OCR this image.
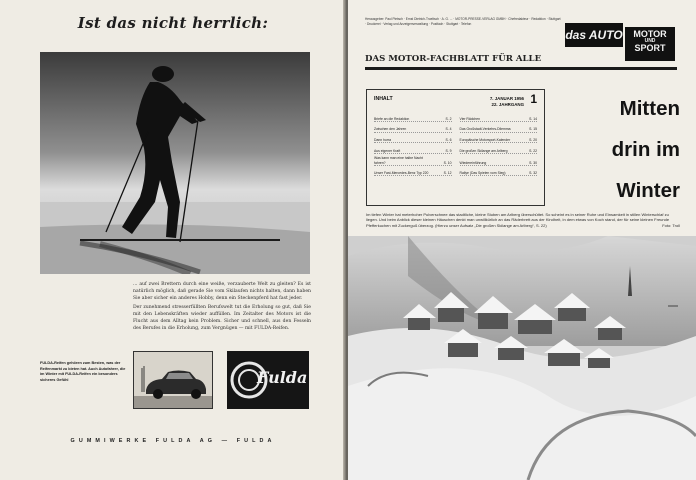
Ist das nicht herrlich:

... auf zwei Brettern durch eine weiße, verzauberte Welt zu gleiten? Es ist natürlich möglich, daß gerade Sie vom Skilaufen nichts halten, dann haben Sie aber sicher ein anderes Hobby, denn ein Steckenpferd hat fast jeder.

Der zunehmend stresserfüllten Berufswelt tut die Erholung so gut, daß Sie mit den Lebenskräften wieder auffüllen. Im Zeitalter des Motors ist die Flucht aus dem Alltag kein Problem. Sicher und schnell, aus den Fesseln des Berufes in die Erholung, zum Vergnügen — mit FULDA-Reifen.

FULDA-Reifen gehören zum Besten, was der Reifenmarkt zu bieten hat. Auch Autofahrer, die im Winter mit FULDA-Reifen ein besonders sicheres Gefühl	Fulda
GUMMIWERKE FULDA AG — FULDA
Herausgeber: Paul Pietsch · Ernst Dietrich-Troeltsch · A. G. ... · MOTOR-PRESSE-VERLAG GMBH · Chefredakteur · Redaktion · Stuttgart · Druckerei · Verlag und Anzeigenverwaltung · Postfach · Stuttgart · Telefon
das AUTO	MOTOR
UND
SPORT
DAS MOTOR-FACHBLATT FÜR ALLE
INHALT	7. JANUAR 1956
22. JAHRGANG 1
Briefe an die Redaktion	S. 2 Vier Rädchen	S. 14
Zwischen den Jahren	S. 4 Das Großstadt-Verkehrs-Dilemma	S. 15
Dann hurra	S. 6 Europäische Motorsport-Kalender	S. 20
Aus eigener Kraft	S. 9 Die großen Skilange am Arlberg	S. 22
Was kann man eine halbe Nacht fahren?	S. 10 Wiedereinführung	S. 30
Unser Fast-Mercedes-Benz Typ 220	S. 12 Rallye (Das Spielen vom Sieg)	S. 32
Mitten
drin im
Winter
Im tiefen Winter hat meterhoher Pulverschnee das stadtliche, kleine Stuben am Arlberg überschüttet. So scheint es in seiner Ruhe und Einsamkeit in stillen Winterschlaf zu liegen. Und beim Anblick dieser kleinen Häuschen denkt man unwillkürlich an das Räderbrett aus der Kindheit, in dem etwas von Koch stand, der für seine kleinen Freunde Pfefferkuchen mit Zuckerguß überzog. (Hierzu unser Aufsatz „Die großen Skilange am Arlberg“, S. 22)	Foto: Troll
